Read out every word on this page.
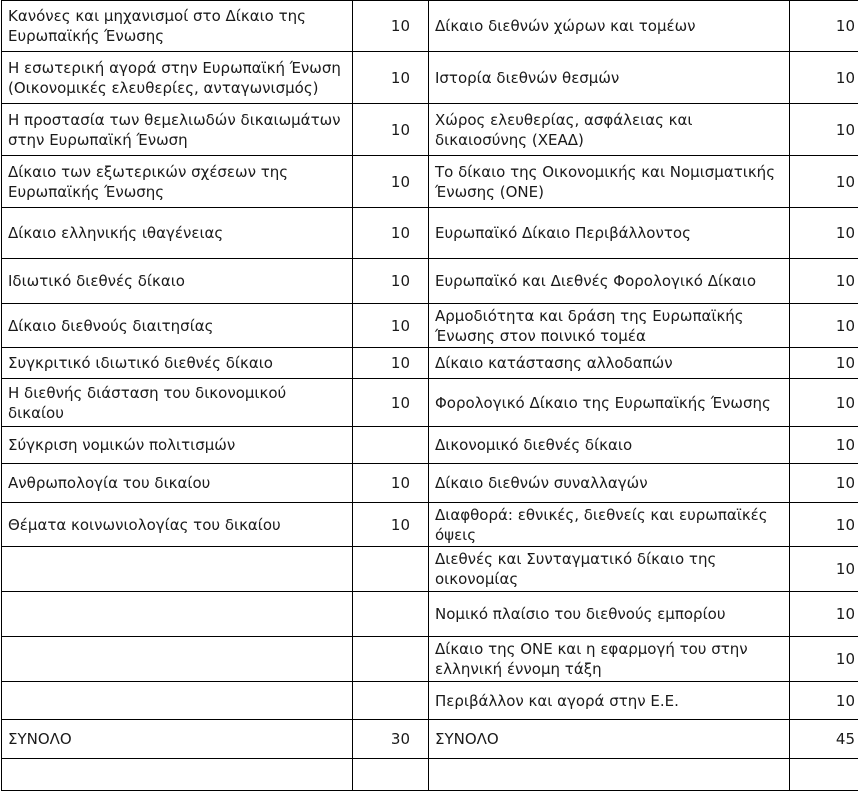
Κανόνες και μηχανισμοί στο Δίκαιο της Ευρωπαϊκής Ένωσης	10	Δίκαιο διεθνών χώρων και τομέων	10
Η εσωτερική αγορά στην Ευρωπαϊκή Ένωση (Οικονομικές ελευθερίες, ανταγωνισμός)	10	Ιστορία διεθνών θεσμών	10
Η προστασία των θεμελιωδών δικαιωμάτων στην Ευρωπαϊκή Ένωση	10	Χώρος ελευθερίας, ασφάλειας και δικαιοσύνης (ΧΕΑΔ)	10
Δίκαιο των εξωτερικών σχέσεων της Ευρωπαϊκής Ένωσης	10	Το δίκαιο της Οικονομικής και Νομισματικής Ένωσης (ΟΝΕ)	10
Δίκαιο ελληνικής ιθαγένειας	10	Ευρωπαϊκό Δίκαιο Περιβάλλοντος	10
Ιδιωτικό διεθνές δίκαιο	10	Ευρωπαϊκό και Διεθνές Φορολογικό Δίκαιο	10
Δίκαιο διεθνούς διαιτησίας	10	Αρμοδιότητα και δράση της Ευρωπαϊκής Ένωσης στον ποινικό τομέα	10
Συγκριτικό ιδιωτικό διεθνές δίκαιο	10	Δίκαιο κατάστασης αλλοδαπών	10
Η διεθνής διάσταση του δικονομικού δικαίου	10	Φορολογικό Δίκαιο της Ευρωπαϊκής Ένωσης	10
Σύγκριση νομικών πολιτισμών		Δικονομικό διεθνές δίκαιο	10
Ανθρωπολογία του δικαίου	10	Δίκαιο διεθνών συναλλαγών	10
Θέματα κοινωνιολογίας του δικαίου	10	Διαφθορά: εθνικές, διεθνείς και ευρωπαϊκές όψεις	10
		Διεθνές και Συνταγματικό δίκαιο της οικονομίας	10
		Νομικό πλαίσιο του διεθνούς εμπορίου	10
		Δίκαιο της ΟΝΕ και η εφαρμογή του στην ελληνική έννομη τάξη	10
		Περιβάλλον και αγορά στην Ε.Ε.	10
ΣΥΝΟΛΟ	30	ΣΥΝΟΛΟ	45
